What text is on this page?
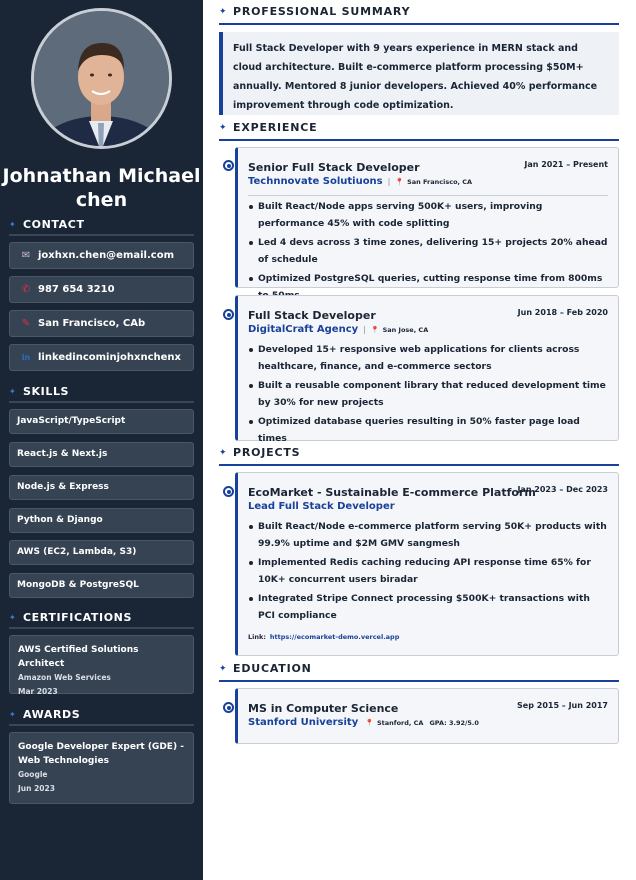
Johnathan Michael
chen
✦ CONTACT
✉ joxhxn.chen@email.com
✆ 987 654 3210
✎ San Francisco, CAb
in linkedincominjohxnchenx
✦ SKILLS
JavaScript/TypeScript
React.js & Next.js
Node.js & Express
Python & Django
AWS (EC2, Lambda, S3)
MongoDB & PostgreSQL
✦ CERTIFICATIONS
AWS Certified Solutions Architect
Amazon Web Services
Mar 2023
✦ AWARDS
Google Developer Expert (GDE) - Web Technologies
Google
Jun 2023
✦ PROFESSIONAL SUMMARY
Full Stack Developer with 9 years experience in MERN stack and cloud architecture. Built e-commerce platform processing $50M+ annually. Mentored 8 junior developers. Achieved 40% performance improvement through code optimization.
✦ EXPERIENCE
Senior Full Stack Developer	Jan 2021 – Present
Technnovate Solutiuons | 📍 San Francisco, CA
Built React/Node apps serving 500K+ users, improving performance 45% with code splitting
Led 4 devs across 3 time zones, delivering 15+ projects 20% ahead of schedule
Optimized PostgreSQL queries, cutting response time from 800ms
Full Stack Developer	Jun 2018 – Feb 2020
DigitalCraft Agency | 📍 San Jose, CA
Developed 15+ responsive web applications for clients across healthcare, finance, and e-commerce sectors
Built a reusable component library that reduced development time by 30% for new projects
Optimized database queries resulting in 50% faster page load times
✦ PROJECTS
EcoMarket - Sustainable E-commerce Platform
Jan 2023 – Dec 2023
Lead Full Stack Developer
Built React/Node e-commerce platform serving 50K+ products with 99.9% uptime and $2M GMV sangmesh
Implemented Redis caching reducing API response time 65% for 10K+ concurrent users biradar
Integrated Stripe Connect processing $500K+ transactions with PCI compliance
Link: https://ecomarket-demo.vercel.app
✦ EDUCATION
MS in Computer Science	Sep 2015 – Jun 2017
Stanford University 📍 Stanford, CA GPA: 3.92/5.0
